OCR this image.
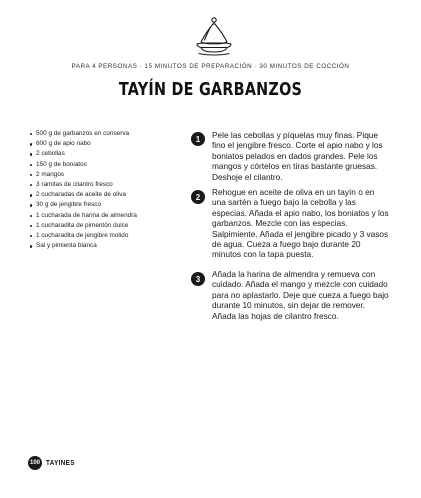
PARA 4 PERSONAS · 15 MINUTOS DE PREPARACIÓN · 30 MINUTOS DE COCCIÓN
TAYÍN DE GARBANZOS
500 g de garbanzos en conserva
600 g de apio nabo
2 cebollas
150 g de boniatos
2 mangos
3 ramitas de cilantro fresco
2 cucharadas de aceite de oliva
30 g de jengibre fresco
1 cucharada de harina de almendra
1 cucharadita de pimentón dulce
1 cucharadita de jengibre molido
Sal y pimienta blanca
1	Pele las cebollas y píquelas muy finas. Pique fino el jengibre fresco. Corte el apio nabo y los boniatos pelados en dados grandes. Pele los mangos y córtelos en tiras bastante gruesas. Deshoje el cilantro.
2	Rehogue en aceite de oliva en un tayín o en una sartén a fuego bajo la cebolla y las especias. Añada el apio nabo, los boniatos y los garbanzos. Mezcle con las especias. Salpimiente. Añada el jengibre picado y 3 vasos de agua. Cueza a fuego bajo durante 20 minutos con la tapa puesta.
3	Añada la harina de almendra y remueva con cuidado. Añada el mango y mezcle con cuidado para no aplastarlo. Deje que cueza a fuego bajo durante 10 minutos, sin dejar de remover. Añada las hojas de cilantro fresco.
100 TAYINES
